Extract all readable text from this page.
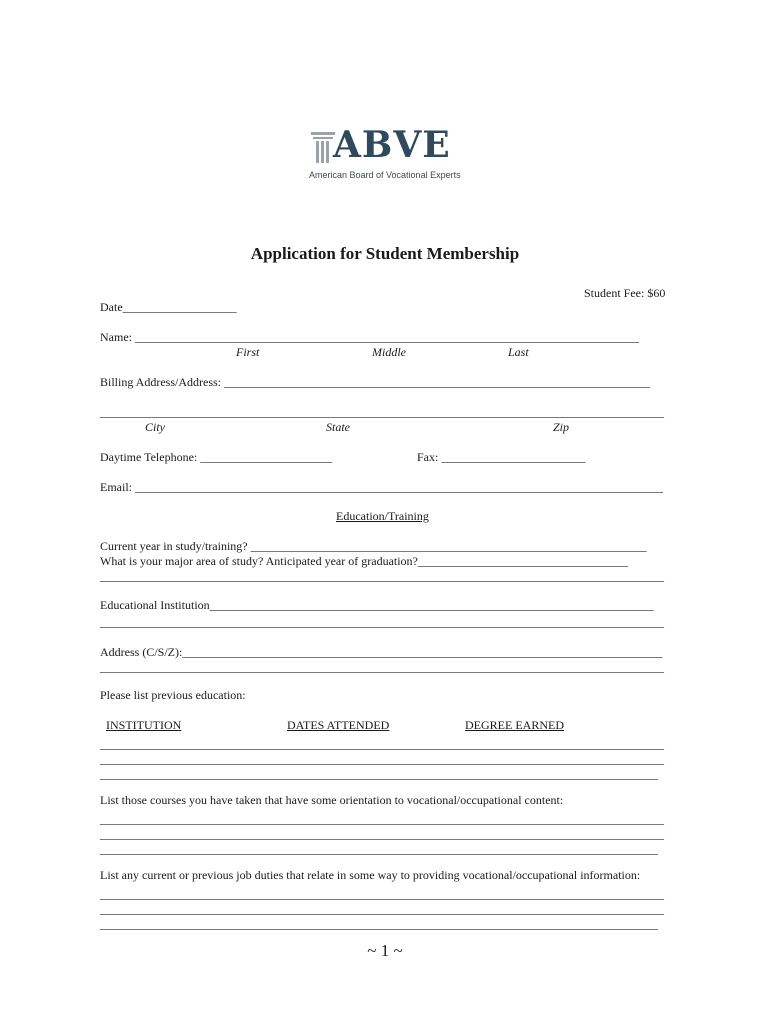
ABVE
American Board of Vocational Experts
Application for Student Membership
Student Fee: $60
Date___________________
Name: ____________________________________________________________________________________
First	Middle	Last
Billing Address/Address: _______________________________________________________________________
______________________________________________________________________________________________
City	State	Zip
Daytime Telephone: ______________________	Fax: ________________________
Email: ________________________________________________________________________________________
Education/Training
Current year in study/training? __________________________________________________________________
What is your major area of study? Anticipated year of graduation?___________________________________
______________________________________________________________________________________________
Educational Institution__________________________________________________________________________
______________________________________________________________________________________________
Address (C/S/Z):________________________________________________________________________________
______________________________________________________________________________________________
Please list previous education:
INSTITUTION	DATES ATTENDED	DEGREE EARNED
______________________________________________________________________________________________
______________________________________________________________________________________________
_____________________________________________________________________________________________
List those courses you have taken that have some orientation to vocational/occupational content:
______________________________________________________________________________________________
______________________________________________________________________________________________
_____________________________________________________________________________________________
List any current or previous job duties that relate in some way to providing vocational/occupational information:
______________________________________________________________________________________________
______________________________________________________________________________________________
_____________________________________________________________________________________________
~ 1 ~
